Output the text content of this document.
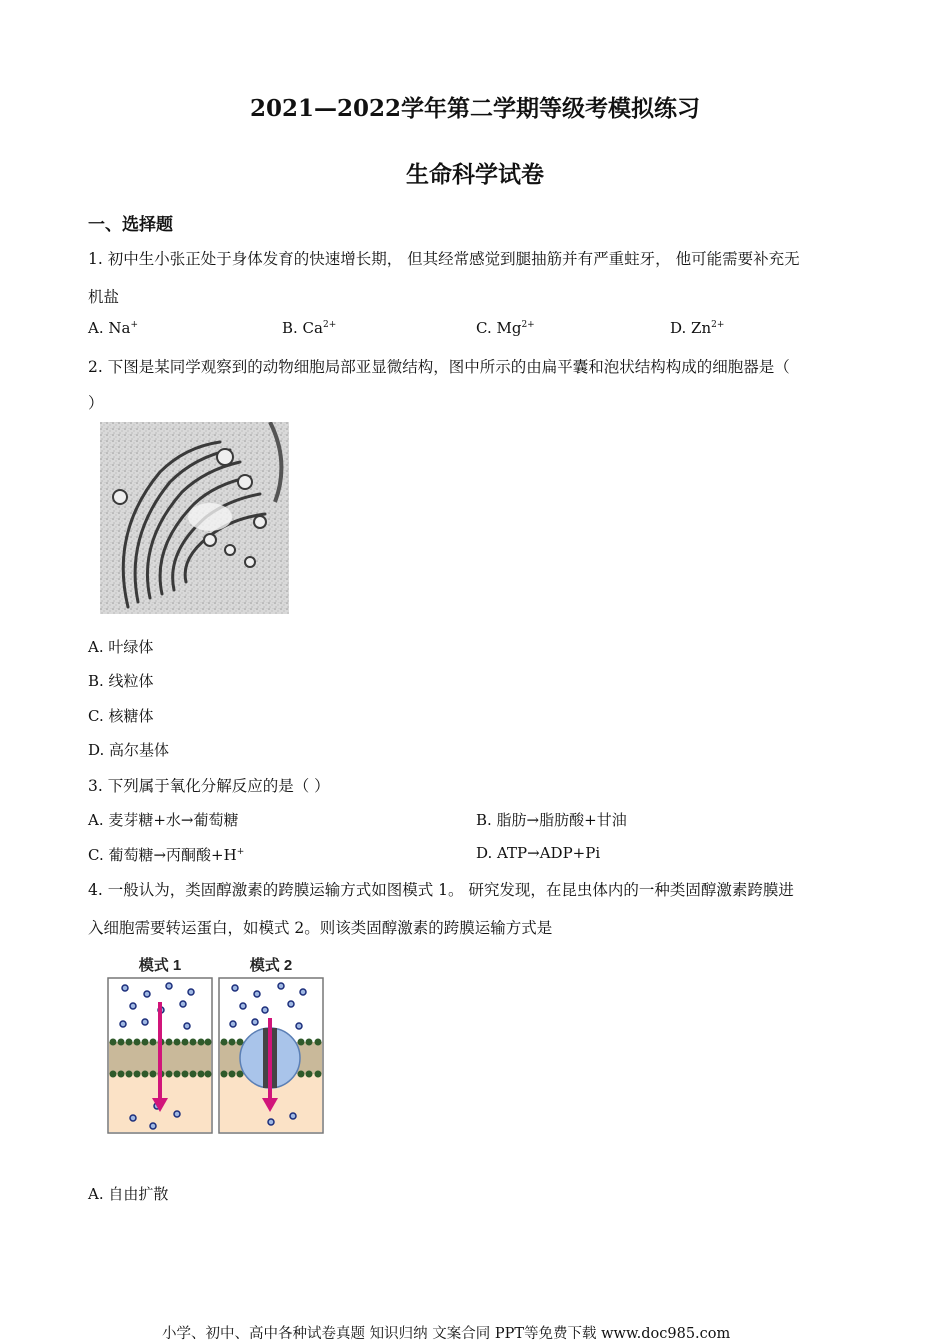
2021—2022学年第二学期等级考模拟练习
生命科学试卷
一、选择题
1. 初中生小张正处于身体发育的快速增长期， 但其经常感觉到腿抽筋并有严重蛀牙， 他可能需要补充无
机盐
A. Na+	B. $Ca^{2+}$	C. $Mg^{2+}$	D. $Zn^{2+}$
2. 下图是某同学观察到的动物细胞局部亚显微结构，图中所示的由扁平囊和泡状结构构成的细胞器是（
）
A. 叶绿体
B. 线粒体
C. 核糖体
D. 高尔基体
3. 下列属于氧化分解反应的是（ ）
A. 麦芽糖+水→葡萄糖	B. 脂肪→脂肪酸+甘油
C. 葡萄糖→丙酮酸+H+	D. ATP→ADP+Pi
4. 一般认为，类固醇激素的跨膜运输方式如图模式 1。 研究发现，在昆虫体内的一种类固醇激素跨膜进
入细胞需要转运蛋白，如模式 2。则该类固醇激素的跨膜运输方式是
模式 1	模式 2
A. 自由扩散
小学、初中、高中各种试卷真题 知识归纳 文案合同 PPT等免费下载 www.doc985.com
